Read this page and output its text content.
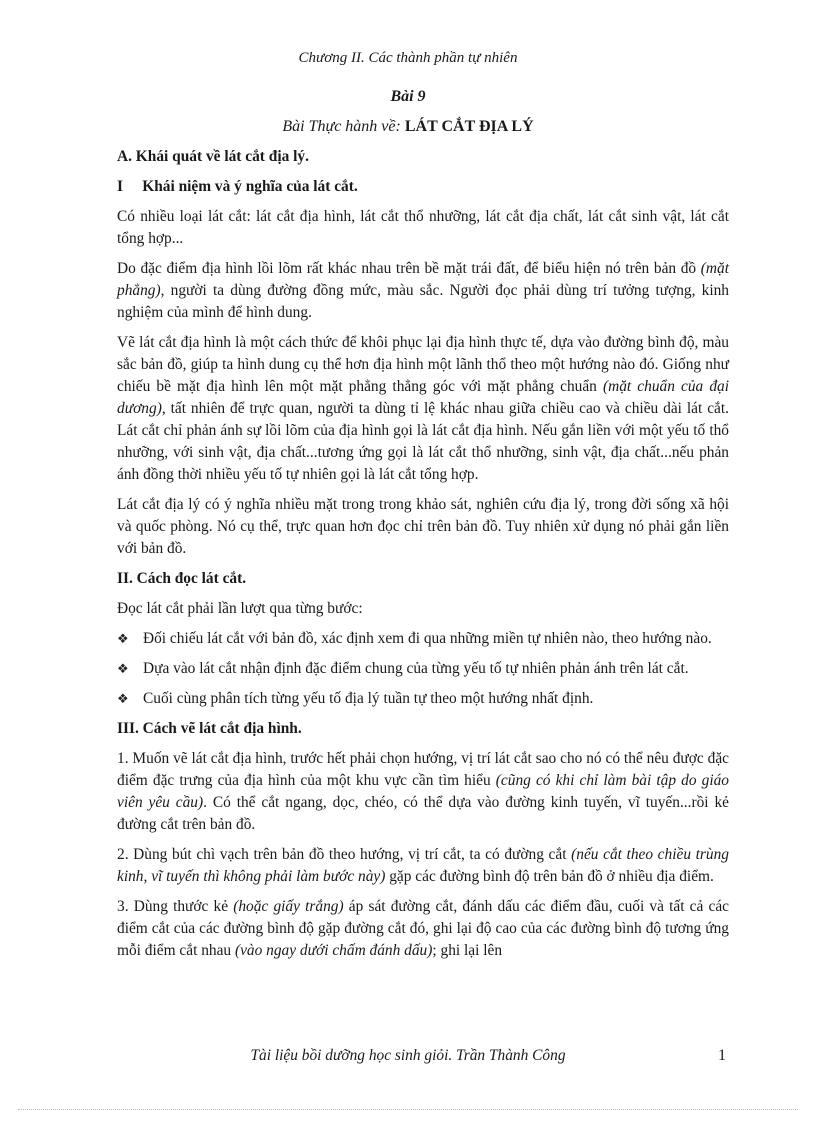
Chương II. Các thành phần tự nhiên
Bài 9
Bài Thực hành về: LÁT CẮT ĐỊA LÝ
A. Khái quát về lát cắt địa lý.
I     Khái niệm và ý nghĩa của lát cắt.

Có nhiều loại lát cắt: lát cắt địa hình, lát cắt thổ nhưỡng, lát cắt địa chất, lát cắt sinh vật, lát cắt tổng hợp...

Do đặc điểm địa hình lồi lõm rất khác nhau trên bề mặt trái đất, để biểu hiện nó trên bản đồ (mặt phẳng), người ta dùng đường đồng mức, màu sắc. Người đọc phải dùng trí tưởng tượng, kinh nghiệm của mình để hình dung.

Vẽ lát cắt địa hình là một cách thức để khôi phục lại địa hình thực tế, dựa vào đường bình độ, màu sắc bản đồ, giúp ta hình dung cụ thể hơn địa hình một lãnh thổ theo một hướng nào đó. Giống như chiếu bề mặt địa hình lên một mặt phẳng thẳng góc với mặt phẳng chuẩn (mặt chuẩn của đại dương), tất nhiên để trực quan, người ta dùng tỉ lệ khác nhau giữa chiều cao và chiều dài lát cắt. Lát cắt chỉ phản ánh sự lồi lõm của địa hình gọi là lát cắt địa hình. Nếu gắn liền với một yếu tố thổ nhưỡng, với sinh vật, địa chất...tương ứng gọi là lát cắt thổ nhưỡng, sinh vật, địa chất...nếu phản ánh đồng thời nhiều yếu tố tự nhiên gọi là lát cắt tổng hợp.

Lát cắt địa lý có ý nghĩa nhiều mặt trong trong khảo sát, nghiên cứu địa lý, trong đời sống xã hội và quốc phòng. Nó cụ thể, trực quan hơn đọc chỉ trên bản đồ. Tuy nhiên xử dụng nó phải gắn liền với bản đồ.

II. Cách đọc lát cắt.

Đọc lát cắt phải lần lượt qua từng bước:

❖ Đối chiếu lát cắt với bản đồ, xác định xem đi qua những miền tự nhiên nào, theo hướng nào.
❖ Dựa vào lát cắt nhận định đặc điểm chung của từng yếu tố tự nhiên phản ánh trên lát cắt.
❖ Cuối cùng phân tích từng yếu tố địa lý tuần tự theo một hướng nhất định.
III. Cách vẽ lát cắt địa hình.

1. Muốn vẽ lát cắt địa hình, trước hết phải chọn hướng, vị trí lát cắt sao cho nó có thể nêu được đặc điểm đặc trưng của địa hình của một khu vực cần tìm hiểu (cũng có khi chỉ làm bài tập do giáo viên yêu cầu). Có thể cắt ngang, dọc, chéo, có thể dựa vào đường kinh tuyến, vĩ tuyến...rồi kẻ đường cắt trên bản đồ.

2. Dùng bút chì vạch trên bản đồ theo hướng, vị trí cắt, ta có đường cắt (nếu cắt theo chiều trùng kinh, vĩ tuyến thì không phải làm bước này) gặp các đường bình độ trên bản đồ ở nhiều địa điểm.

3. Dùng thước kẻ (hoặc giấy trắng) áp sát đường cắt, đánh dấu các điểm đầu, cuối và tất cả các điểm cắt của các đường bình độ gặp đường cắt đó, ghi lại độ cao của các đường bình độ tương ứng mỗi điểm cắt nhau (vào ngay dưới chấm đánh dấu); ghi lại lên

Tài liệu bồi dưỡng học sinh giỏi. Trần Thành Công	1
